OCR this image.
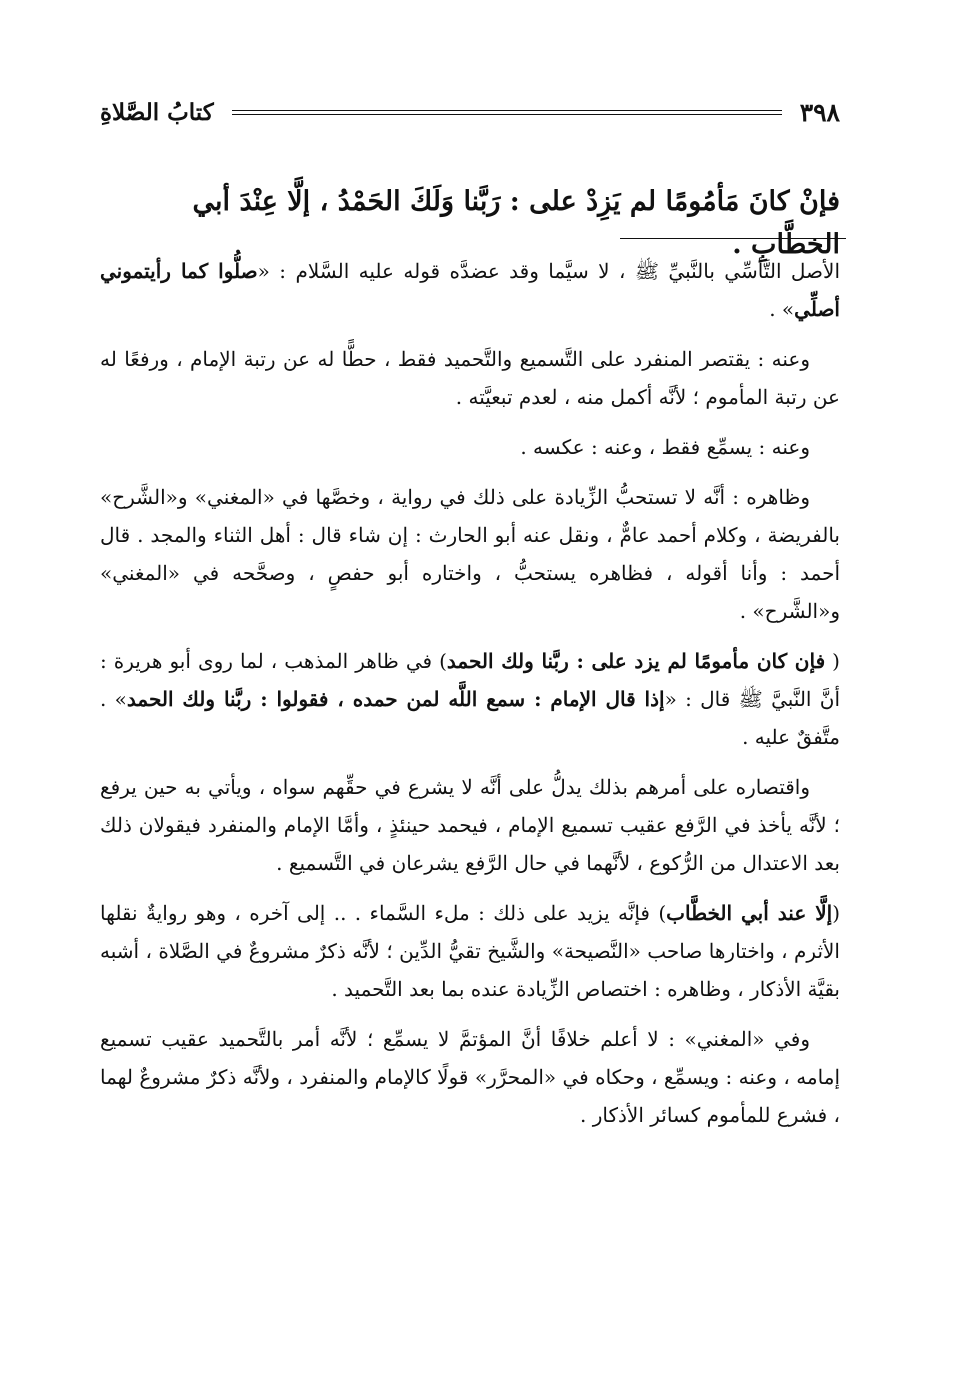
٣٩٨
كتابُ الصَّلاةِ
فإنْ كانَ مَأمُومًا لم يَزِدْ على : رَبَّنا وَلَكَ الحَمْدُ ، إلَّا عِنْدَ أبي الخطَّابِ .

الأصل التَّأسِّي بالنَّبيِّ ﷺ ، لا سيَّما وقد عضدَّه قوله عليه السَّلام : «صلُّوا كما رأيتموني أصلِّي» .

وعنه : يقتصر المنفرد على التَّسميع والتَّحميد فقط ، حطًّا له عن رتبة الإمام ، ورفعًا له عن رتبة المأموم ؛ لأنَّه أكمل منه ، لعدم تبعيَّته .

وعنه : يسمِّع فقط ، وعنه : عكسه .

وظاهره : أنَّه لا تستحبُّ الزِّيادة على ذلك في رواية ، وخصَّها في «المغني» و«الشَّرح» بالفريضة ، وكلام أحمد عامٌّ ، ونقل عنه أبو الحارث : إن شاء قال : أهل الثناء والمجد . قال أحمد : وأنا أقوله ، فظاهره يستحبُّ ، واختاره أبو حفصٍ ، وصحَّحه في «المغني» و«الشَّرح» .

( فإن كان مأمومًا لم يزد على : ربَّنا ولك الحمد) في ظاهر المذهب ، لما روى أبو هريرة : أنَّ النَّبيَّ ﷺ قال : «إذا قال الإمام : سمع اللَّه لمن حمده ، فقولوا : ربَّنا ولك الحمد» . متَّفقٌ عليه .

واقتصاره على أمرهم بذلك يدلُّ على أنَّه لا يشرع في حقِّهم سواه ، ويأتي به حين يرفع ؛ لأنَّه يأخذ في الرَّفع عقيب تسميع الإمام ، فيحمد حينئذٍ ، وأمَّا الإمام والمنفرد فيقولان ذلك بعد الاعتدال من الرُّكوع ، لأنَّهما في حال الرَّفع يشرعان في التَّسميع .

(إلَّا عند أبي الخطَّاب) فإنَّه يزيد على ذلك : ملء السَّماء . .. إلى آخره ، وهو روايةٌ نقلها الأثرم ، واختارها صاحب «النَّصيحة» والشَّيخ تقيُّ الدِّين ؛ لأنَّه ذكرٌ مشروعٌ في الصَّلاة ، أشبه بقيَّة الأذكار ، وظاهره : اختصاص الزِّيادة عنده بما بعد التَّحميد .

وفي «المغني» : لا أعلم خلافًا أنَّ المؤتمَّ لا يسمِّع ؛ لأنَّه أمر بالتَّحميد عقيب تسميع إمامه ، وعنه : ويسمِّع ، وحكاه في «المحرَّر» قولًا كالإمام والمنفرد ، ولأنَّه ذكرٌ مشروعٌ لهما ، فشرع للمأموم كسائر الأذكار .
